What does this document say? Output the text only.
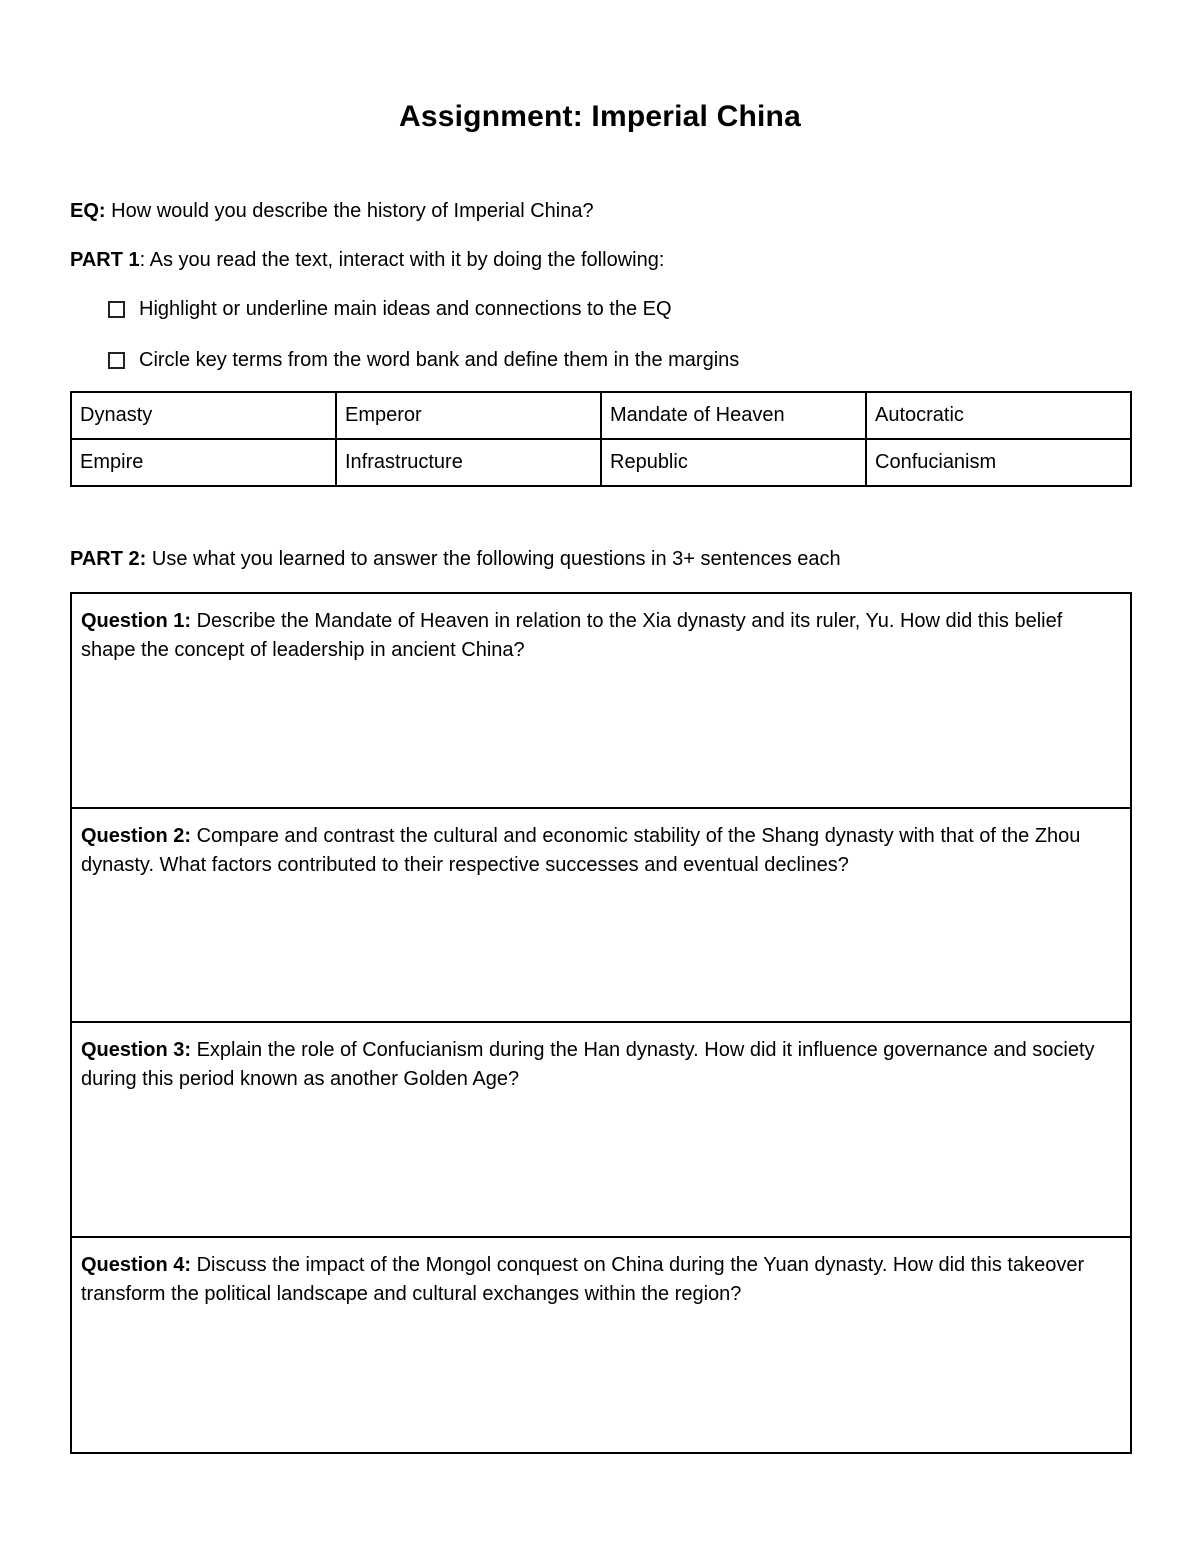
Assignment: Imperial China
EQ: How would you describe the history of Imperial China?
PART 1: As you read the text, interact with it by doing the following:
Highlight or underline main ideas and connections to the EQ
Circle key terms from the word bank and define them in the margins
Dynasty	Emperor	Mandate of Heaven	Autocratic
Empire	Infrastructure	Republic	Confucianism
PART 2: Use what you learned to answer the following questions in 3+ sentences each
Question 1: Describe the Mandate of Heaven in relation to the Xia dynasty and its ruler, Yu. How did this belief shape the concept of leadership in ancient China?
Question 2: Compare and contrast the cultural and economic stability of the Shang dynasty with that of the Zhou dynasty. What factors contributed to their respective successes and eventual declines?
Question 3: Explain the role of Confucianism during the Han dynasty. How did it influence governance and society during this period known as another Golden Age?
Question 4: Discuss the impact of the Mongol conquest on China during the Yuan dynasty. How did this takeover transform the political landscape and cultural exchanges within the region?
